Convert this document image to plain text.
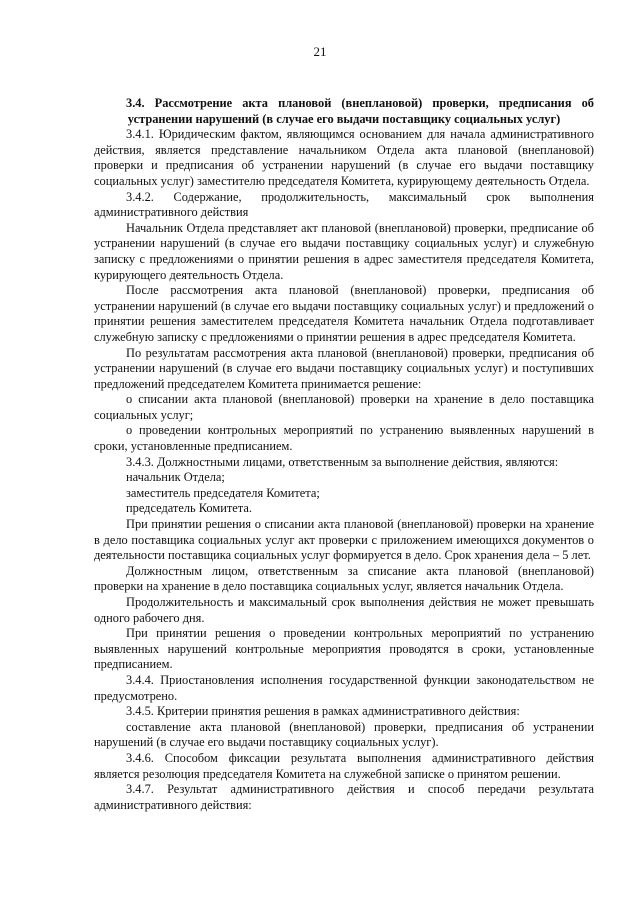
21

3.4. Рассмотрение акта плановой (внеплановой) проверки, предписания об устранении нарушений (в случае его выдачи поставщику социальных услуг)

3.4.1. Юридическим фактом, являющимся основанием для начала административного действия, является представление начальником Отдела акта плановой (внеплановой) проверки и предписания об устранении нарушений (в случае его выдачи поставщику социальных услуг) заместителю председателя Комитета, курирующему деятельность Отдела.

3.4.2. Содержание, продолжительность, максимальный срок выполнения административного действия

Начальник Отдела представляет акт плановой (внеплановой) проверки, предписание об устранении нарушений (в случае его выдачи поставщику социальных услуг) и служебную записку с предложениями о принятии решения в адрес заместителя председателя Комитета, курирующего деятельность Отдела.

После рассмотрения акта плановой (внеплановой) проверки, предписания об устранении нарушений (в случае его выдачи поставщику социальных услуг) и предложений о принятии решения заместителем председателя Комитета начальник Отдела подготавливает служебную записку с предложениями о принятии решения в адрес председателя Комитета.

По результатам рассмотрения акта плановой (внеплановой) проверки, предписания об устранении нарушений (в случае его выдачи поставщику социальных услуг) и поступивших предложений председателем Комитета принимается решение:

о списании акта плановой (внеплановой) проверки на хранение в дело поставщика социальных услуг;

о проведении контрольных мероприятий по устранению выявленных нарушений в сроки, установленные предписанием.

3.4.3. Должностными лицами, ответственным за выполнение действия, являются:

начальник Отдела;

заместитель председателя Комитета;

председатель Комитета.

При принятии решения о списании акта плановой (внеплановой) проверки на хранение в дело поставщика социальных услуг акт проверки с приложением имеющихся документов о деятельности поставщика социальных услуг формируется в дело. Срок хранения дела – 5 лет.

Должностным лицом, ответственным за списание акта плановой (внеплановой) проверки на хранение в дело поставщика социальных услуг, является начальник Отдела.

Продолжительность и максимальный срок выполнения действия не может превышать одного рабочего дня.

При принятии решения о проведении контрольных мероприятий по устранению выявленных нарушений контрольные мероприятия проводятся в сроки, установленные предписанием.

3.4.4. Приостановления исполнения государственной функции законодательством не предусмотрено.

3.4.5. Критерии принятия решения в рамках административного действия:

составление акта плановой (внеплановой) проверки, предписания об устранении нарушений (в случае его выдачи поставщику социальных услуг).

3.4.6. Способом фиксации результата выполнения административного действия является резолюция председателя Комитета на служебной записке о принятом решении.

3.4.7. Результат административного действия и способ передачи результата административного действия:
